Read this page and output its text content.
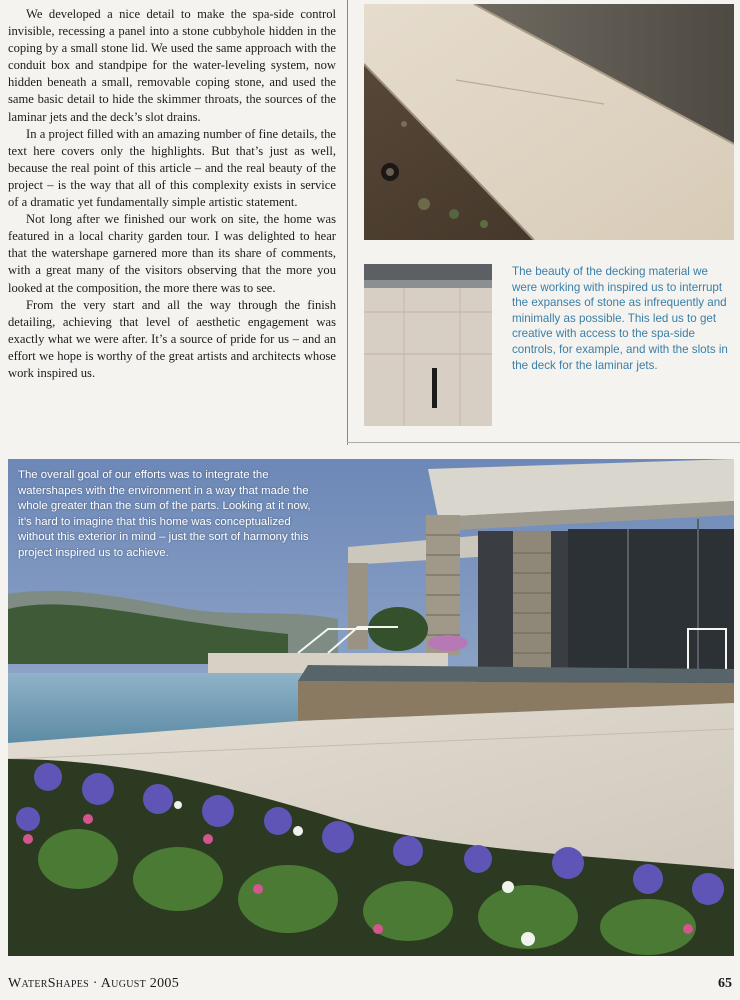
We developed a nice detail to make the spa-side control invisible, recessing a panel into a stone cubbyhole hidden in the coping by a small stone lid. We used the same approach with the conduit box and standpipe for the water-leveling system, now hidden beneath a small, removable coping stone, and used the same basic detail to hide the skimmer throats, the sources of the laminar jets and the deck’s slot drains.

In a project filled with an amazing number of fine details, the text here covers only the highlights. But that’s just as well, because the real point of this article – and the real beauty of the project – is the way that all of this complexity exists in service of a dramatic yet fundamentally simple artistic statement.

Not long after we finished our work on site, the home was featured in a local charity garden tour. I was delighted to hear that the watershape garnered more than its share of comments, with a great many of the visitors observing that the more you looked at the composition, the more there was to see.

From the very start and all the way through the finish detailing, achieving that level of aesthetic engagement was exactly what we were after. It’s a source of pride for us – and an effort we hope is worthy of the great artists and architects whose work inspired us.

The beauty of the decking material we were working with inspired us to interrupt the expanses of stone as infrequently and minimally as possible. This led us to get creative with access to the spa-side controls, for example, and with the slots in the deck for the laminar jets.
The overall goal of our efforts was to integrate the watershapes with the environment in a way that made the whole greater than the sum of the parts. Looking at it now, it’s hard to imagine that this home was conceptualized without this exterior in mind – just the sort of harmony this project inspired us to achieve.
WaterShapes · August 2005	65
